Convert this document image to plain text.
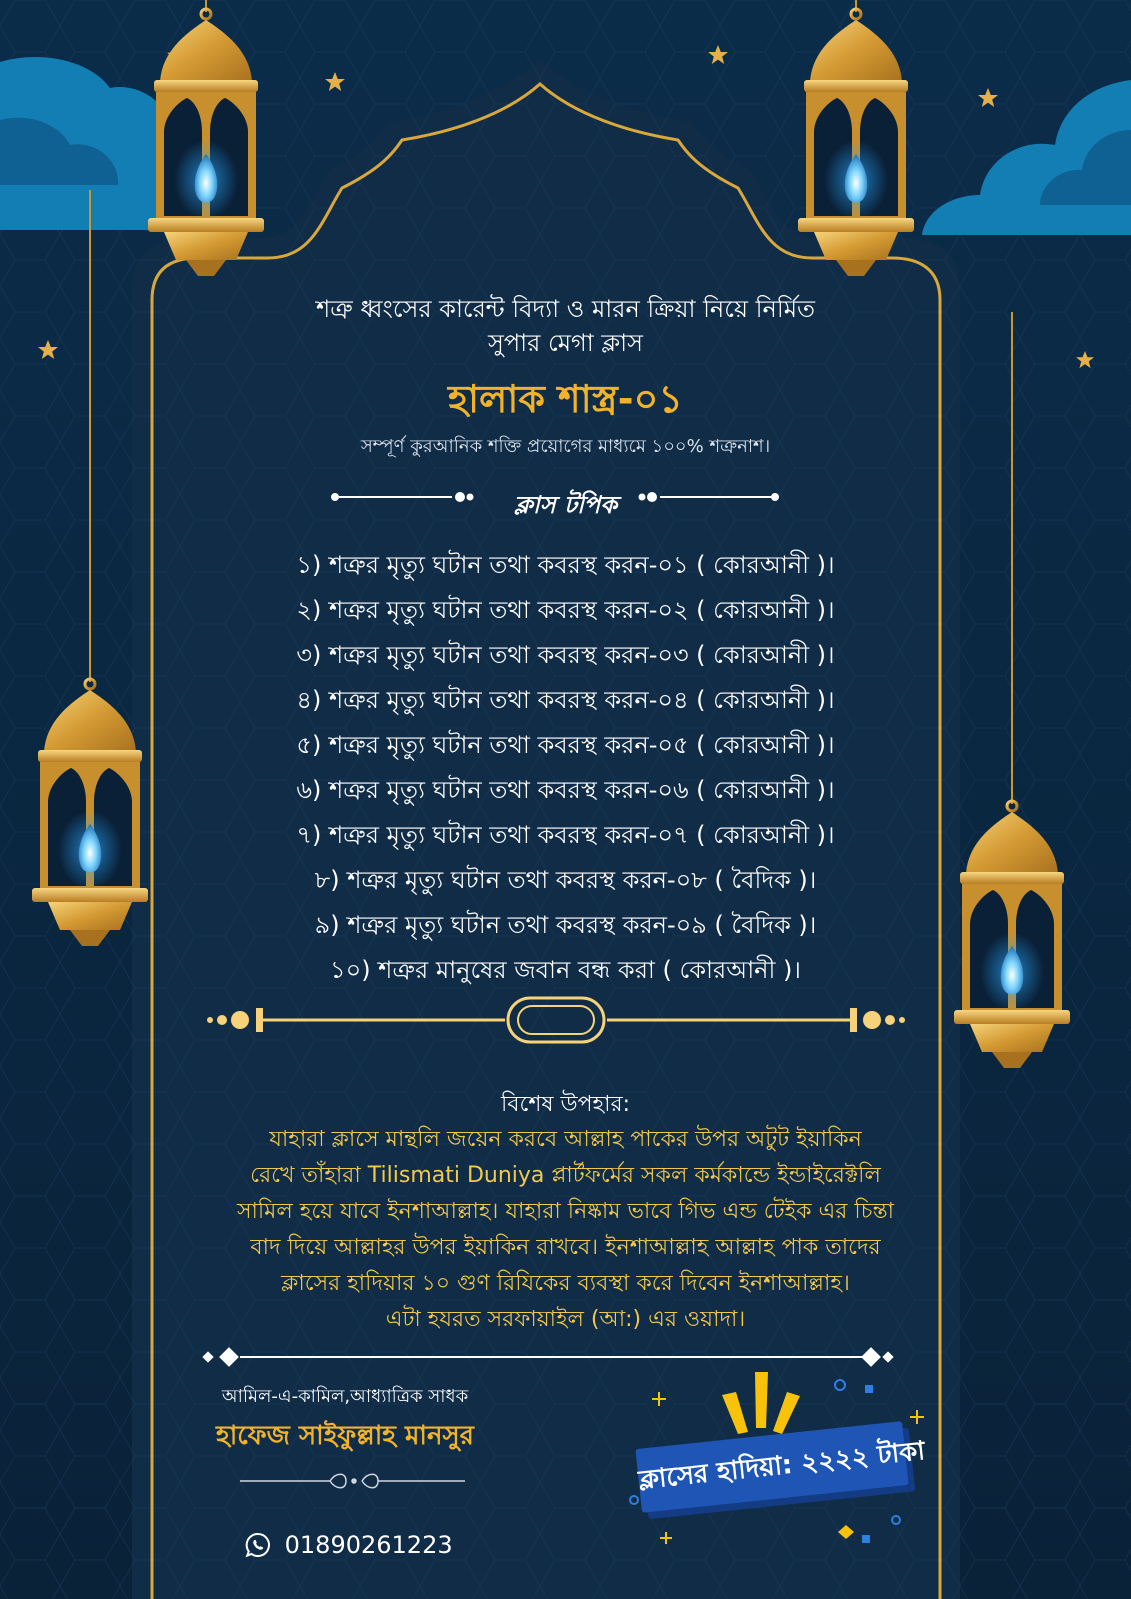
শত্রু ধ্বংসের কারেন্ট বিদ্যা ও মারন ক্রিয়া নিয়ে নির্মিত
সুপার মেগা ক্লাস
হালাক শাস্ত্র-০১

সম্পূর্ণ কুরআনিক শক্তি প্রয়োগের মাধ্যমে ১০০% শত্রুনাশ।

ক্লাস টপিক
১) শত্রুর মৃত্যু ঘটান তথা কবরস্থ করন-০১ ( কোরআনী )।
২) শত্রুর মৃত্যু ঘটান তথা কবরস্থ করন-০২ ( কোরআনী )।
৩) শত্রুর মৃত্যু ঘটান তথা কবরস্থ করন-০৩ ( কোরআনী )।
৪) শত্রুর মৃত্যু ঘটান তথা কবরস্থ করন-০৪ ( কোরআনী )।
৫) শত্রুর মৃত্যু ঘটান তথা কবরস্থ করন-০৫ ( কোরআনী )।
৬) শত্রুর মৃত্যু ঘটান তথা কবরস্থ করন-০৬ ( কোরআনী )।
৭) শত্রুর মৃত্যু ঘটান তথা কবরস্থ করন-০৭ ( কোরআনী )।
৮) শত্রুর মৃত্যু ঘটান তথা কবরস্থ করন-০৮ ( বৈদিক )।
৯) শত্রুর মৃত্যু ঘটান তথা কবরস্থ করন-০৯ ( বৈদিক )।
১০) শত্রুর মানুষের জবান বন্ধ করা ( কোরআনী )।
বিশেষ উপহার:
যাহারা ক্লাসে মান্থলি জয়েন করবে আল্লাহ পাকের উপর অটুট ইয়াকিন
রেখে তাঁহারা Tilismati Duniya প্লার্টফর্মের সকল কর্মকান্ডে ইন্ডাইরেক্টলি
সামিল হয়ে যাবে ইনশাআল্লাহ। যাহারা নিষ্কাম ভাবে গিভ এন্ড টেইক এর চিন্তা
বাদ দিয়ে আল্লাহর উপর ইয়াকিন রাখবে। ইনশাআল্লাহ আল্লাহ পাক তাদের
ক্লাসের হাদিয়ার ১০ গুণ রিযিকের ব্যবস্থা করে দিবেন ইনশাআল্লাহ।
এটা হযরত সরফায়াইল (আ:) এর ওয়াদা।
আমিল-এ-কামিল,আধ্যাত্রিক সাধক
হাফেজ সাইফুল্লাহ মানসুর
01890261223
ক্লাসের হাদিয়া: ২২২২ টাকা
